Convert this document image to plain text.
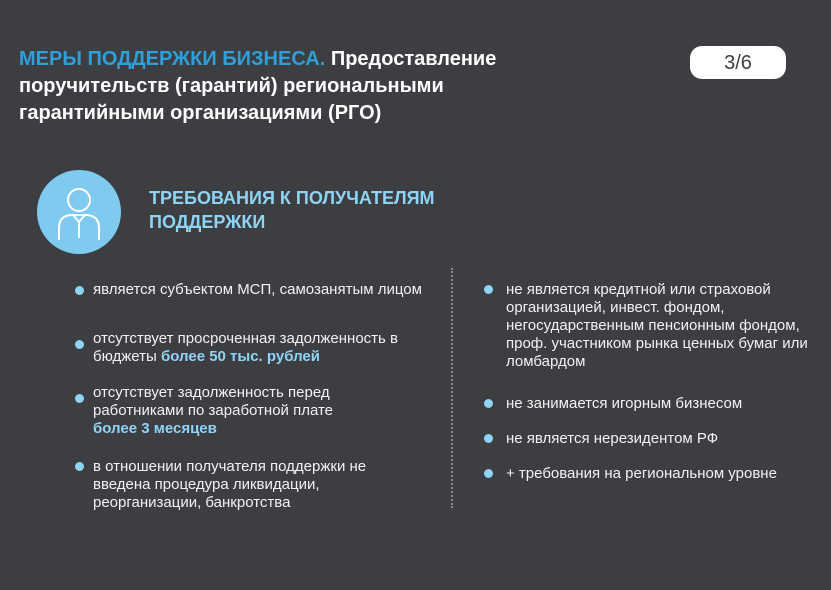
МЕРЫ ПОДДЕРЖКИ БИЗНЕСА. Предоставление поручительств (гарантий) региональными гарантийными организациями (РГО)
3/6
ТРЕБОВАНИЯ К ПОЛУЧАТЕЛЯМ ПОДДЕРЖКИ
является субъектом МСП, самозанятым лицом
отсутствует просроченная задолженность в бюджеты более 50 тыс. рублей
отсутствует задолженность перед работниками по заработной плате более 3 месяцев
в отношении получателя поддержки не введена процедура ликвидации, реорганизации, банкротства
не является кредитной или страховой организацией, инвест. фондом, негосударственным пенсионным фондом, проф. участником рынка ценных бумаг или ломбардом
не занимается игорным бизнесом
не является нерезидентом РФ
+ требования на региональном уровне
